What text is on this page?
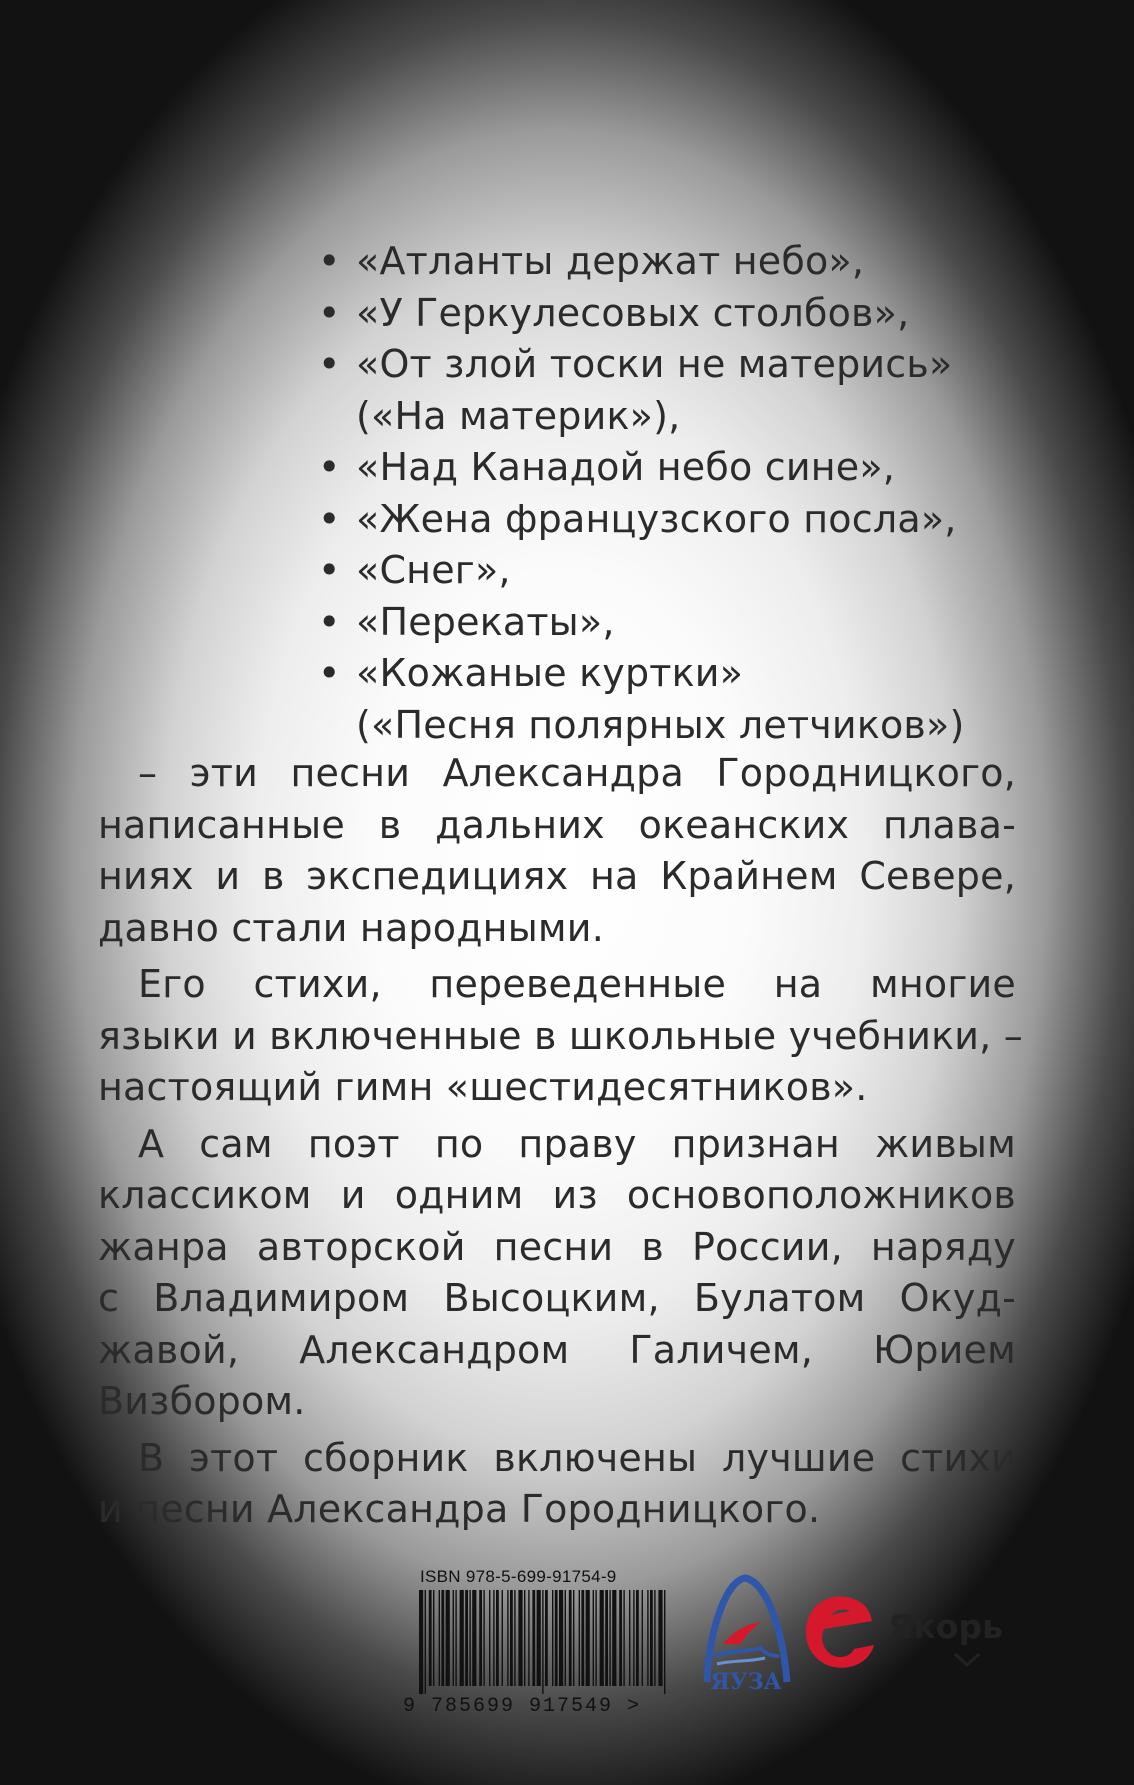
• «Атланты держат небо»,
• «У Геркулесовых столбов»,
• «От злой тоски не матерись»
(«На материк»),
• «Над Канадой небо сине»,
• «Жена французского посла»,
• «Снег»,
• «Перекаты»,
• «Кожаные куртки»
(«Песня полярных летчиков»)

– эти песни Александра Городницкого,
написанные в дальних океанских плава-
ниях и в экспедициях на Крайнем Севере,
давно стали народными.

Его стихи, переведенные на многие
языки и включенные в школьные учебники, –
настоящий гимн «шестидесятников».

А сам поэт по праву признан живым
классиком и одним из основоположников
жанра авторской песни в России, наряду
с Владимиром Высоцким, Булатом Окуд-
жавой, Александром Галичем, Юрием
Визбором.

В этот сборник включены лучшие стихи
и песни Александра Городницкого.

ISBN 978-5-699-91754-9
9 785699 917549 >
ЯУЗА
Якорь
